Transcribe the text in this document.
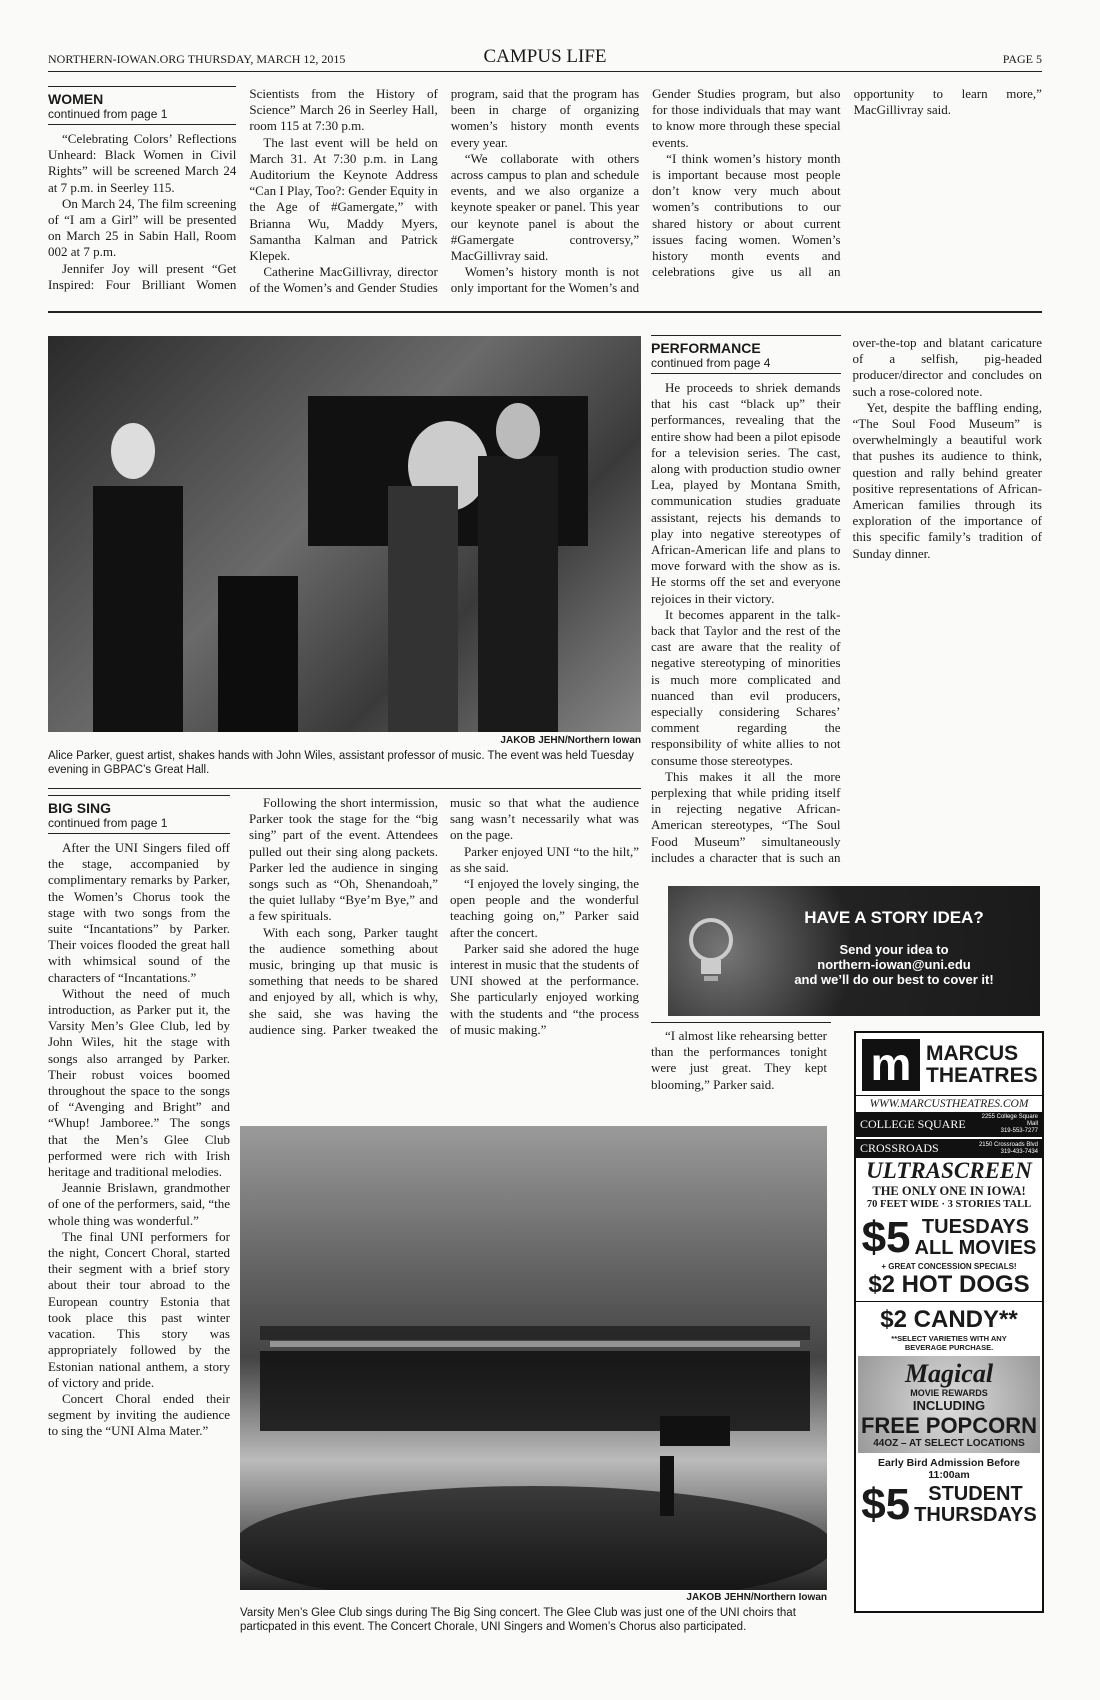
NORTHERN-IOWAN.ORG THURSDAY, MARCH 12, 2015	CAMPUS LIFE	PAGE 5
WOMEN
continued from page 1

“Celebrating Colors’ Reflections Unheard: Black Women in Civil Rights” will be screened March 24 at 7 p.m. in Seerley 115.

On March 24, The film screening of “I am a Girl” will be presented on March 25 in Sabin Hall, Room 002 at 7 p.m.

Jennifer Joy will present “Get Inspired: Four Brilliant Women Scientists from the History of Science” March 26 in Seerley Hall, room 115 at 7:30 p.m.

The last event will be held on March 31. At 7:30 p.m. in Lang Auditorium the Keynote Address “Can I Play, Too?: Gender Equity in the Age of #Gamergate,” with Brianna Wu, Maddy Myers, Samantha Kalman and Patrick Klepek.

Catherine MacGillivray, director of the Women’s and Gender Studies program, said that the program has been in charge of organizing women’s history month events every year.

“We collaborate with others across campus to plan and schedule events, and we also organize a keynote speaker or panel. This year our keynote panel is about the #Gamergate controversy,” MacGillivray said.

Women’s history month is not only important for the Women’s and Gender Studies program, but also for those individuals that may want to know more through these special events.

“I think women’s history month is important because most people don’t know very much about women’s contributions to our shared history or about current issues facing women. Women’s history month events and celebrations give us all an opportunity to learn more,” MacGillivray said.

JAKOB JEHN/Northern Iowan
Alice Parker, guest artist, shakes hands with John Wiles, assistant professor of music. The event was held Tuesday evening in GBPAC’s Great Hall.
PERFORMANCE
continued from page 4

He proceeds to shriek demands that his cast “black up” their performances, revealing that the entire show had been a pilot episode for a television series. The cast, along with production studio owner Lea, played by Montana Smith, communication studies graduate assistant, rejects his demands to play into negative stereotypes of African-American life and plans to move forward with the show as is. He storms off the set and everyone rejoices in their victory.

It becomes apparent in the talk-back that Taylor and the rest of the cast are aware that the reality of negative stereotyping of minorities is much more complicated and nuanced than evil producers, especially considering Schares’ comment regarding the responsibility of white allies to not consume those stereotypes.

This makes it all the more perplexing that while priding itself in rejecting negative African-American stereotypes, “The Soul Food Museum” simultaneously includes a character that is such an over-the-top and blatant caricature of a selfish, pig-headed producer/director and concludes on such a rose-colored note.

Yet, despite the baffling ending, “The Soul Food Museum” is overwhelmingly a beautiful work that pushes its audience to think, question and rally behind greater positive representations of African-American families through its exploration of the importance of this specific family’s tradition of Sunday dinner.

HAVE A STORY IDEA?
Send your idea to
northern-iowan@uni.edu
and we’ll do our best to cover it!
BIG SING
continued from page 1

After the UNI Singers filed off the stage, accompanied by complimentary remarks by Parker, the Women’s Chorus took the stage with two songs from the suite “Incantations” by Parker. Their voices flooded the great hall with whimsical sound of the characters of “Incantations.”

Without the need of much introduction, as Parker put it, the Varsity Men’s Glee Club, led by John Wiles, hit the stage with songs also arranged by Parker. Their robust voices boomed throughout the space to the songs of “Avenging and Bright” and “Whup! Jamboree.” The songs that the Men’s Glee Club performed were rich with Irish heritage and traditional melodies.

Jeannie Brislawn, grandmother of one of the performers, said, “the whole thing was wonderful.”

The final UNI performers for the night, Concert Choral, started their segment with a brief story about their tour abroad to the European country Estonia that took place this past winter vacation. This story was appropriately followed by the Estonian national anthem, a story of victory and pride.

Concert Choral ended their segment by inviting the audience to sing the “UNI Alma Mater.”

Following the short intermission, Parker took the stage for the “big sing” part of the event. Attendees pulled out their sing along packets. Parker led the audience in singing songs such as “Oh, Shenandoah,” the quiet lullaby “Bye’m Bye,” and a few spirituals.

With each song, Parker taught the audience something about music, bringing up that music is something that needs to be shared and enjoyed by all, which is why, she said, she was having the audience sing. Parker tweaked the music so that what the audience sang wasn’t necessarily what was on the page.

Parker enjoyed UNI “to the hilt,” as she said.

“I enjoyed the lovely singing, the open people and the wonderful teaching going on,” Parker said after the concert.

Parker said she adored the huge interest in music that the students of UNI showed at the performance. She particularly enjoyed working with the students and “the process of music making.”	“I almost like rehearsing better than the performances tonight were just great. They kept blooming,” Parker said.

JAKOB JEHN/Northern Iowan
Varsity Men’s Glee Club sings during The Big Sing concert. The Glee Club was just one of the UNI choirs that particpated in this event. The Concert Chorale, UNI Singers and Women’s Chorus also participated.
m MARCUS
THEATRES
WWW.MARCUSTHEATRES.COM
COLLEGE SQUARE	2255 College Square Mall
319-553-7277
CROSSROADS	2150 Crossroads Blvd
319-433-7434
ULTRASCREEN
THE ONLY ONE IN IOWA!
70 FEET WIDE · 3 STORIES TALL
$5 TUESDAYS
ALL MOVIES
+ GREAT CONCESSION SPECIALS!
$2 HOT DOGS
$2 CANDY**
**SELECT VARIETIES WITH ANY BEVERAGE PURCHASE.
Magical
MOVIE REWARDS
INCLUDING
FREE POPCORN
44OZ – AT SELECT LOCATIONS
Early Bird Admission Before 11:00am
$5 STUDENT
THURSDAYS
